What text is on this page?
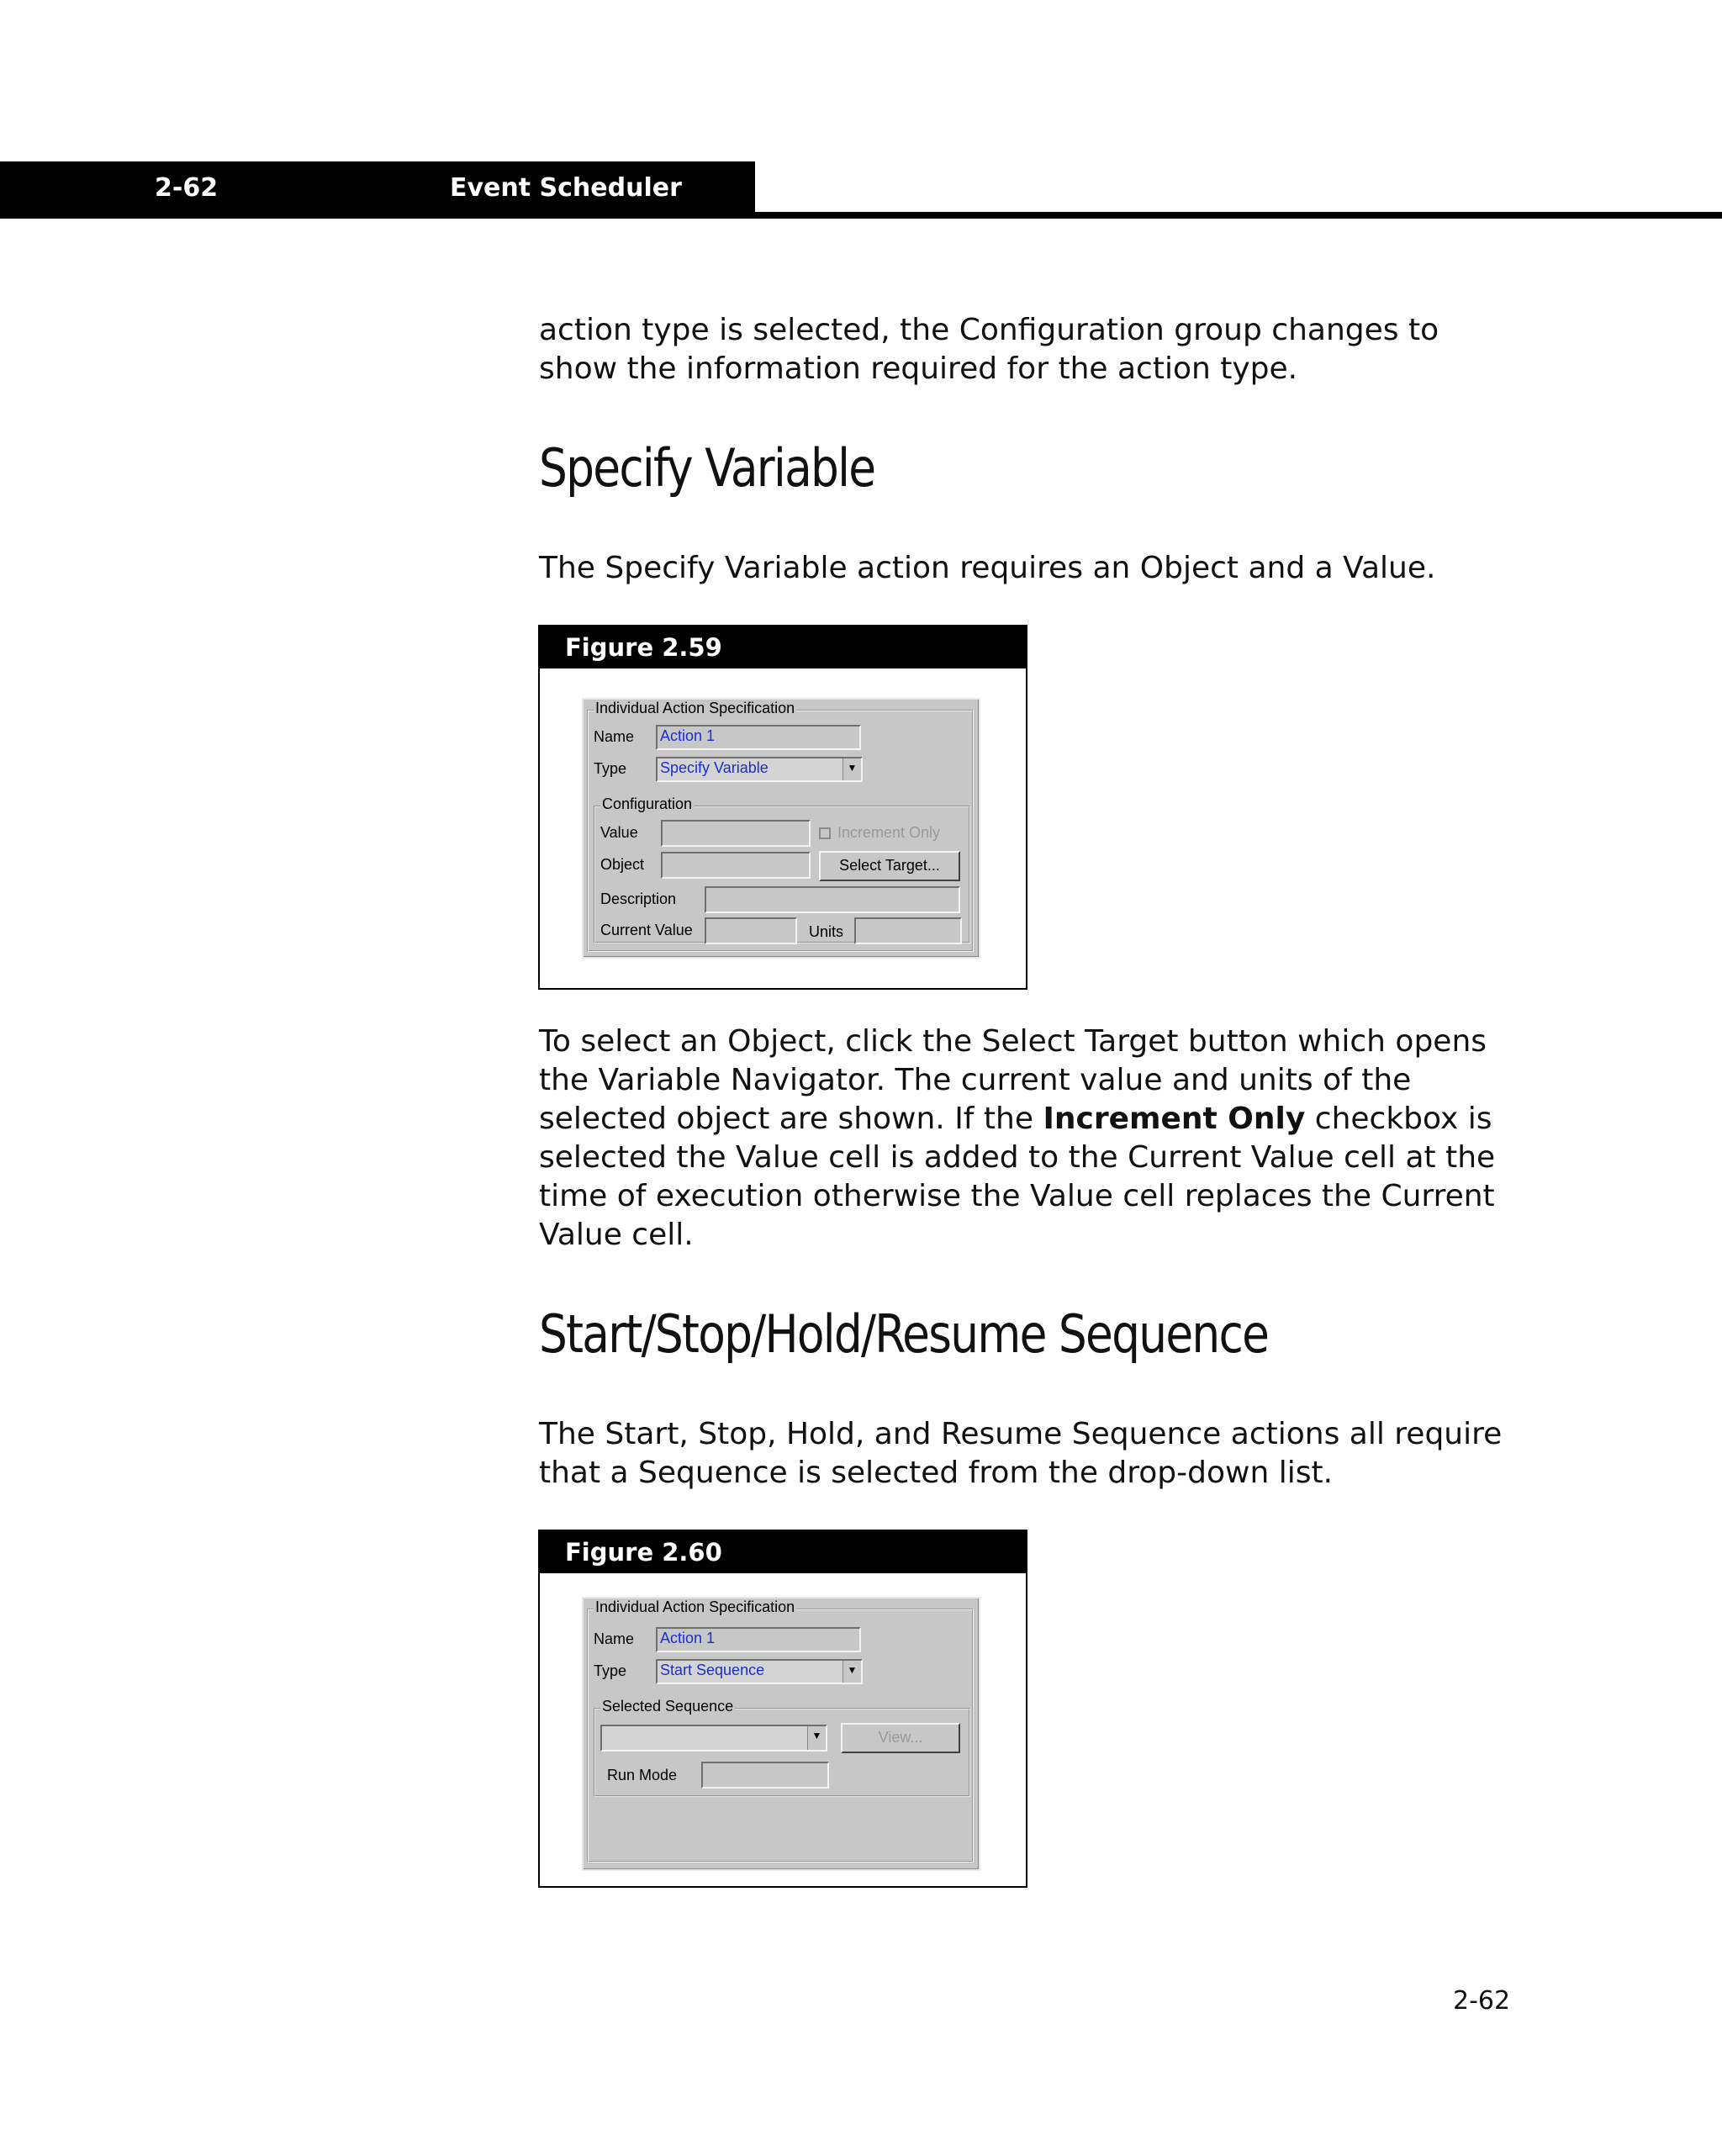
2-62	Event Scheduler
action type is selected, the Configuration group changes to show the information required for the action type.
Specify Variable
The Specify Variable action requires an Object and a Value.
Figure 2.59
Individual Action Specification
Name Action 1
Type Specify Variable	▼
Configuration
Value	Increment Only
Object	Select Target...
Description
Current Value	Units
To select an Object, click the Select Target button which opens the Variable Navigator. The current value and units of the selected object are shown. If the Increment Only checkbox is selected the Value cell is added to the Current Value cell at the time of execution otherwise the Value cell replaces the Current Value cell.
Start/Stop/Hold/Resume Sequence
The Start, Stop, Hold, and Resume Sequence actions all require that a Sequence is selected from the drop-down list.
Figure 2.60
Individual Action Specification
Name Action 1
Type Start Sequence	▼
Selected Sequence
▼	View...
Run Mode
2-62
